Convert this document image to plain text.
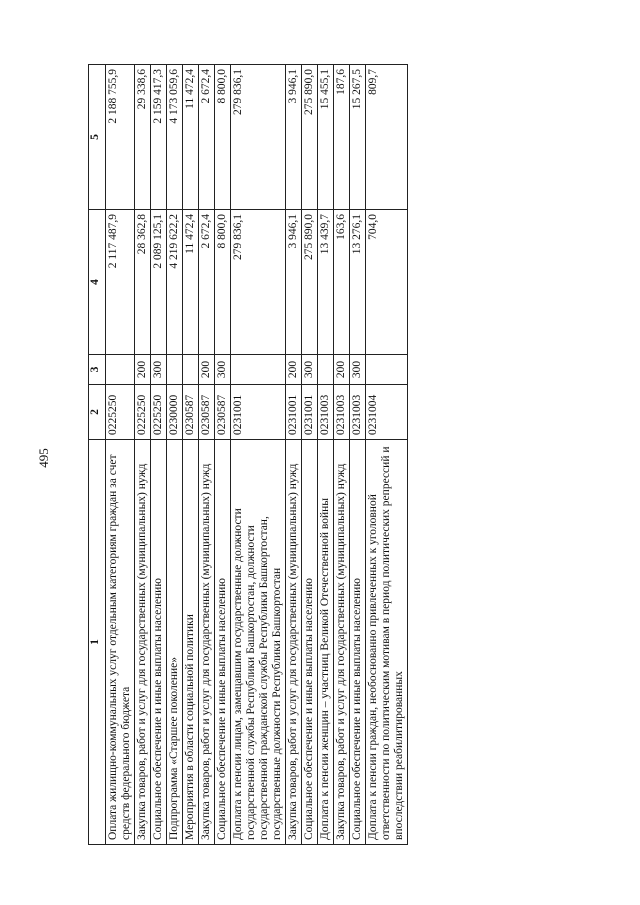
495
1	2	3	4	5
Оплата жилищно-коммунальных услуг отдельным категориям граждан за счет средств федерального бюджета	0225250		2 117 487,9	2 188 755,9
Закупка товаров, работ и услуг для государственных (муниципальных) нужд	0225250	200	28 362,8	29 338,6
Социальное обеспечение и иные выплаты населению	0225250	300	2 089 125,1	2 159 417,3
Подпрограмма «Старшее поколение»	0230000		4 219 622,2	4 173 059,6
Мероприятия в области социальной политики	0230587		11 472,4	11 472,4
Закупка товаров, работ и услуг для государственных (муниципальных) нужд	0230587	200	2 672,4	2 672,4
Социальное обеспечение и иные выплаты населению	0230587	300	8 800,0	8 800,0
Доплата к пенсии лицам, замещавшим государственные должности государственной службы Республики Башкортостан, должности государственной гражданской службы Республики Башкортостан, государственные должности Республики Башкортостан	0231001		279 836,1	279 836,1
Закупка товаров, работ и услуг для государственных (муниципальных) нужд	0231001	200	3 946,1	3 946,1
Социальное обеспечение и иные выплаты населению	0231001	300	275 890,0	275 890,0
Доплата к пенсии женщин – участниц Великой Отечественной войны	0231003		13 439,7	15 455,1
Закупка товаров, работ и услуг для государственных (муниципальных) нужд	0231003	200	163,6	187,6
Социальное обеспечение и иные выплаты населению	0231003	300	13 276,1	15 267,5
Доплата к пенсии граждан, необоснованно привлеченных к уголовной ответственности по политическим мотивам в период политических репрессий и впоследствии реабилитированных	0231004		704,0	809,7
